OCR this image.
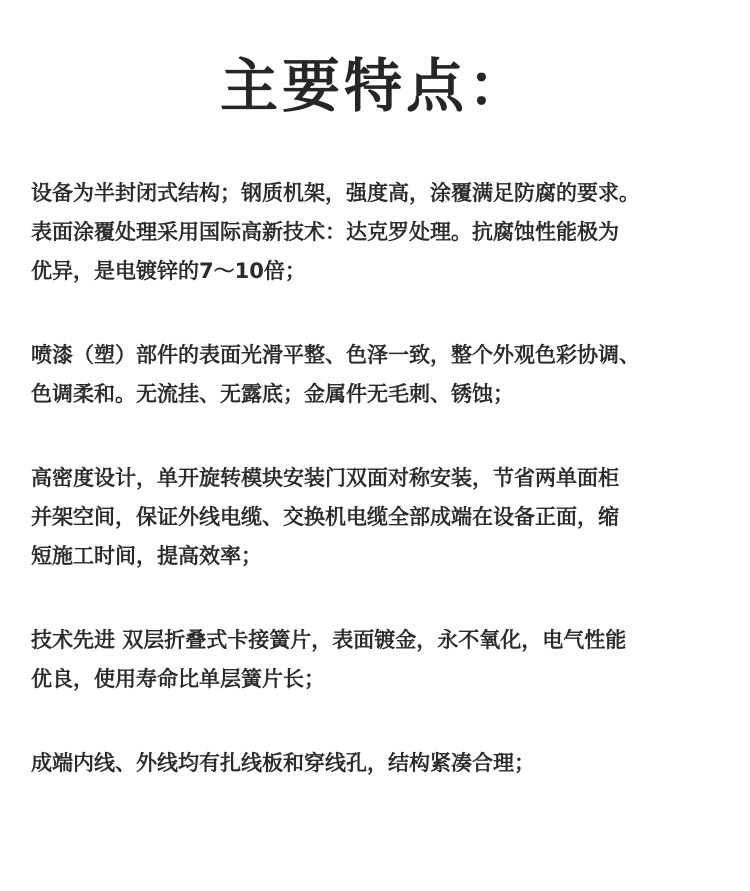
主要特点：
设备为半封闭式结构；钢质机架，强度高，涂覆满足防腐的要求。
表面涂覆处理采用国际高新技术：达克罗处理。抗腐蚀性能极为
优异，是电镀锌的7～10倍；
喷漆（塑）部件的表面光滑平整、色泽一致，整个外观色彩协调、
色调柔和。无流挂、无露底；金属件无毛刺、锈蚀；
高密度设计，单开旋转模块安装门双面对称安装，节省两单面柜
并架空间，保证外线电缆、交换机电缆全部成端在设备正面，缩
短施工时间，提高效率；
技术先进 双层折叠式卡接簧片，表面镀金，永不氧化，电气性能
优良，使用寿命比单层簧片长；
成端内线、外线均有扎线板和穿线孔，结构紧凑合理；
